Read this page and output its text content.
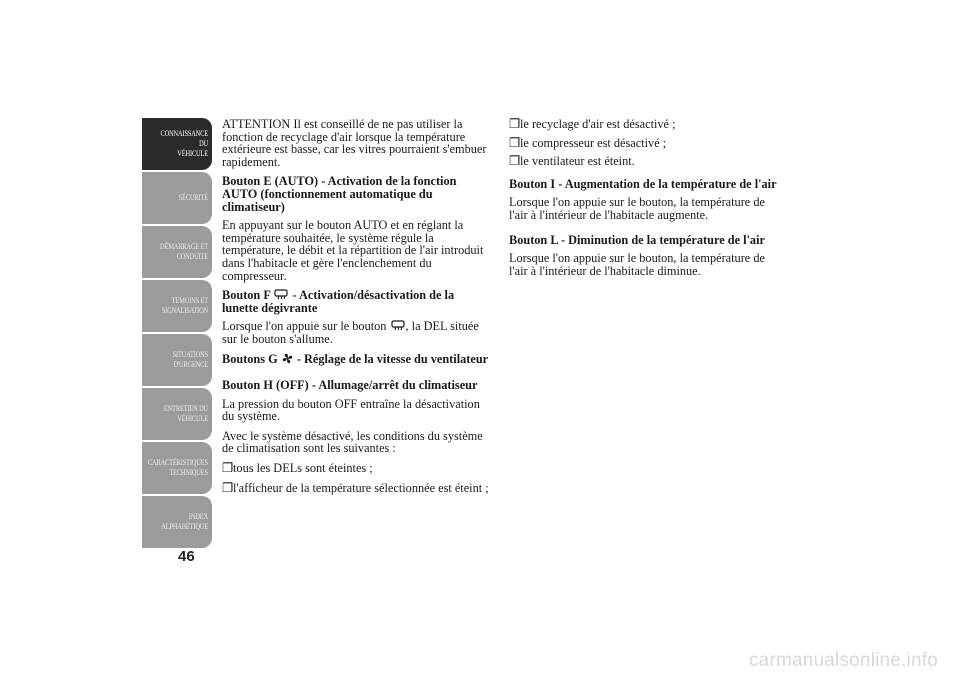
CONNAISSANCE DU
VÉHICULE
SÉCURITÉ
DÉMARRAGE ET
CONDUITE
TEMOINS ET
SIGNALISATION
SITUATIONS
D'URGENCE
ENTRETIEN DU
VÉHICULE
CARACTÉRISTIQUES
TECHNIQUES
INDEX
ALPHABÉTIQUE
46

ATTENTION Il est conseillé de ne pas utiliser la fonction de recyclage d'air lorsque la température extérieure est basse, car les vitres pourraient s'embuer rapidement.

Bouton E (AUTO) - Activation de la fonction AUTO (fonctionnement automatique du climatiseur)

En appuyant sur le bouton AUTO et en réglant la température souhaitée, le système régule la température, le débit et la répartition de l'air introduit dans l'habitacle et gère l'enclenchement du compresseur.

Bouton F  - Activation/désactivation de la lunette dégivrante

Lorsque l'on appuie sur le bouton , la DEL située sur le bouton s'allume.

Boutons G  - Réglage de la vitesse du ventilateur
Bouton H (OFF) - Allumage/arrêt du climatiseur

La pression du bouton OFF entraîne la désactivation du système.

Avec le système désactivé, les conditions du système de climatisation sont les suivantes :

❒ tous les DELs sont éteintes ;
❒ l'afficheur de la température sélectionnée est éteint ;
❒ le recyclage d'air est désactivé ;
❒ le compresseur est désactivé ;
❒ le ventilateur est éteint.
Bouton I - Augmentation de la température de l'air

Lorsque l'on appuie sur le bouton, la température de l'air à l'intérieur de l'habitacle augmente.

Bouton L - Diminution de la température de l'air

Lorsque l'on appuie sur le bouton, la température de l'air à l'intérieur de l'habitacle diminue.

carmanualsonline.info
